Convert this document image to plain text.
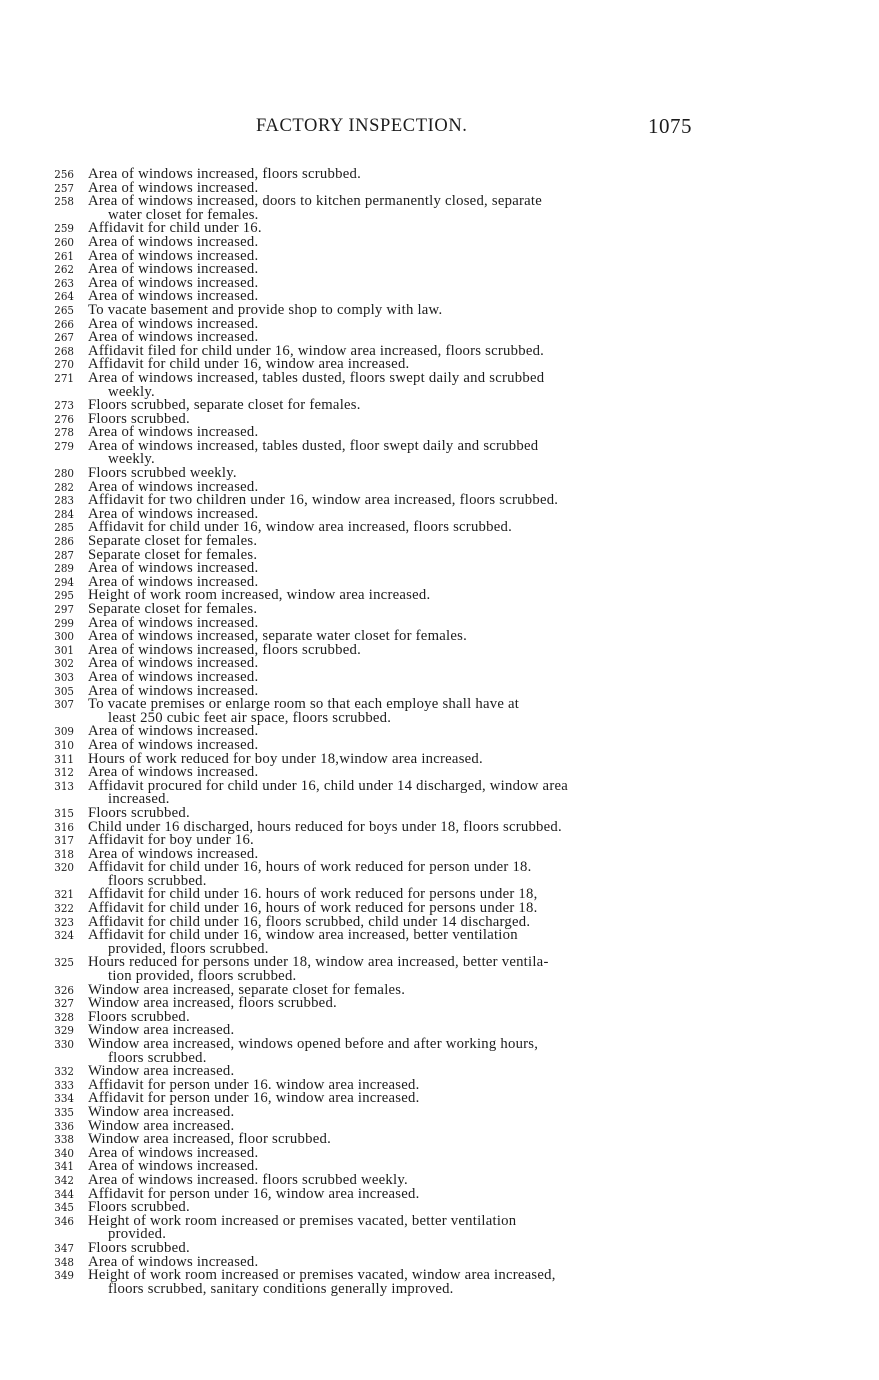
FACTORY INSPECTION.	1075
256 Area of windows increased, floors scrubbed.
257 Area of windows increased.
258 Area of windows increased, doors to kitchen permanently closed, separate
water closet for females.
259 Affidavit for child under 16.
260 Area of windows increased.
261 Area of windows increased.
262 Area of windows increased.
263 Area of windows increased.
264 Area of windows increased.
265 To vacate basement and provide shop to comply with law.
266 Area of windows increased.
267 Area of windows increased.
268 Affidavit filed for child under 16, window area increased, floors scrubbed.
270 Affidavit for child under 16, window area increased.
271 Area of windows increased, tables dusted, floors swept daily and scrubbed
weekly.
273 Floors scrubbed, separate closet for females.
276 Floors scrubbed.
278 Area of windows increased.
279 Area of windows increased, tables dusted, floor swept daily and scrubbed
weekly.
280 Floors scrubbed weekly.
282 Area of windows increased.
283 Affidavit for two children under 16, window area increased, floors scrubbed.
284 Area of windows increased.
285 Affidavit for child under 16, window area increased, floors scrubbed.
286 Separate closet for females.
287 Separate closet for females.
289 Area of windows increased.
294 Area of windows increased.
295 Height of work room increased, window area increased.
297 Separate closet for females.
299 Area of windows increased.
300 Area of windows increased, separate water closet for females.
301 Area of windows increased, floors scrubbed.
302 Area of windows increased.
303 Area of windows increased.
305 Area of windows increased.
307 To vacate premises or enlarge room so that each employe shall have at
least 250 cubic feet air space, floors scrubbed.
309 Area of windows increased.
310 Area of windows increased.
311 Hours of work reduced for boy under 18,window area increased.
312 Area of windows increased.
313 Affidavit procured for child under 16, child under 14 discharged, window area
increased.
315 Floors scrubbed.
316 Child under 16 discharged, hours reduced for boys under 18, floors scrubbed.
317 Affidavit for boy under 16.
318 Area of windows increased.
320 Affidavit for child under 16, hours of work reduced for person under 18.
floors scrubbed.
321 Affidavit for child under 16. hours of work reduced for persons under 18,
322 Affidavit for child under 16, hours of work reduced for persons under 18.
323 Affidavit for child under 16, floors scrubbed, child under 14 discharged.
324 Affidavit for child under 16, window area increased, better ventilation
provided, floors scrubbed.
325 Hours reduced for persons under 18, window area increased, better ventila-
tion provided, floors scrubbed.
326 Window area increased, separate closet for females.
327 Window area increased, floors scrubbed.
328 Floors scrubbed.
329 Window area increased.
330 Window area increased, windows opened before and after working hours,
floors scrubbed.
332 Window area increased.
333 Affidavit for person under 16. window area increased.
334 Affidavit for person under 16, window area increased.
335 Window area increased.
336 Window area increased.
338 Window area increased, floor scrubbed.
340 Area of windows increased.
341 Area of windows increased.
342 Area of windows increased. floors scrubbed weekly.
344 Affidavit for person under 16, window area increased.
345 Floors scrubbed.
346 Height of work room increased or premises vacated, better ventilation
provided.
347 Floors scrubbed.
348 Area of windows increased.
349 Height of work room increased or premises vacated, window area increased,
floors scrubbed, sanitary conditions generally improved.
